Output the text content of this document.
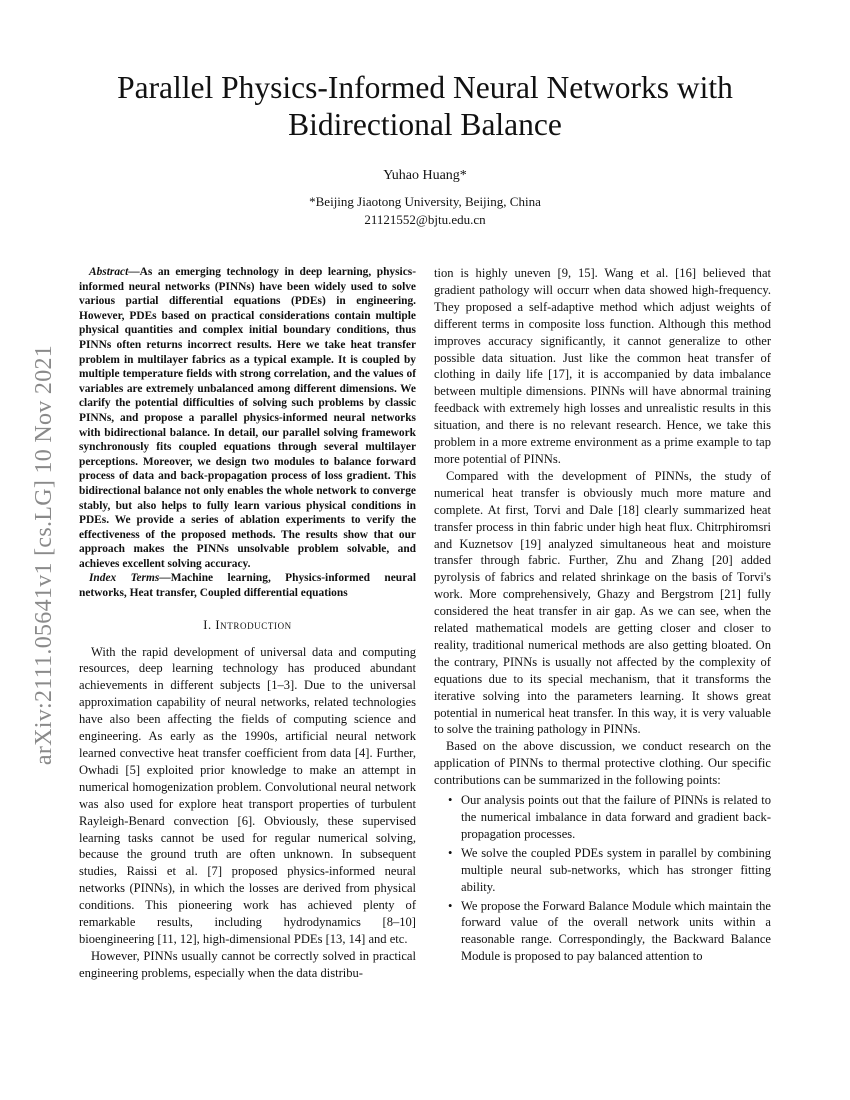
arXiv:2111.05641v1 [cs.LG] 10 Nov 2021
Parallel Physics-Informed Neural Networks with Bidirectional Balance
Yuhao Huang*
*Beijing Jiaotong University, Beijing, China
21121552@bjtu.edu.cn

Abstract—As an emerging technology in deep learning, physics-informed neural networks (PINNs) have been widely used to solve various partial differential equations (PDEs) in engineering. However, PDEs based on practical considerations contain multiple physical quantities and complex initial boundary conditions, thus PINNs often returns incorrect results. Here we take heat transfer problem in multilayer fabrics as a typical example. It is coupled by multiple temperature fields with strong correlation, and the values of variables are extremely unbalanced among different dimensions. We clarify the potential difficulties of solving such problems by classic PINNs, and propose a parallel physics-informed neural networks with bidirectional balance. In detail, our parallel solving framework synchronously fits coupled equations through several multilayer perceptions. Moreover, we design two modules to balance forward process of data and back-propagation process of loss gradient. This bidirectional balance not only enables the whole network to converge stably, but also helps to fully learn various physical conditions in PDEs. We provide a series of ablation experiments to verify the effectiveness of the proposed methods. The results show that our approach makes the PINNs unsolvable problem solvable, and achieves excellent solving accuracy.

Index Terms—Machine learning, Physics-informed neural networks, Heat transfer, Coupled differential equations

I. Introduction

With the rapid development of universal data and computing resources, deep learning technology has produced abundant achievements in different subjects [1–3]. Due to the universal approximation capability of neural networks, related technologies have also been affecting the fields of computing science and engineering. As early as the 1990s, artificial neural network learned convective heat transfer coefficient from data [4]. Further, Owhadi [5] exploited prior knowledge to make an attempt in numerical homogenization problem. Convolutional neural network was also used for explore heat transport properties of turbulent Rayleigh-Benard convection [6]. Obviously, these supervised learning tasks cannot be used for regular numerical solving, because the ground truth are often unknown. In subsequent studies, Raissi et al. [7] proposed physics-informed neural networks (PINNs), in which the losses are derived from physical conditions. This pioneering work has achieved plenty of remarkable results, including hydrodynamics [8–10] bioengineering [11, 12], high-dimensional PDEs [13, 14] and etc.

However, PINNs usually cannot be correctly solved in practical engineering problems, especially when the data distribu-

tion is highly uneven [9, 15]. Wang et al. [16] believed that gradient pathology will occurr when data showed high-frequency. They proposed a self-adaptive method which adjust weights of different terms in composite loss function. Although this method improves accuracy significantly, it cannot generalize to other possible data situation. Just like the common heat transfer of clothing in daily life [17], it is accompanied by data imbalance between multiple dimensions. PINNs will have abnormal training feedback with extremely high losses and unrealistic results in this situation, and there is no relevant research. Hence, we take this problem in a more extreme environment as a prime example to tap more potential of PINNs.

Compared with the development of PINNs, the study of numerical heat transfer is obviously much more mature and complete. At first, Torvi and Dale [18] clearly summarized heat transfer process in thin fabric under high heat flux. Chitrphiromsri and Kuznetsov [19] analyzed simultaneous heat and moisture transfer through fabric. Further, Zhu and Zhang [20] added pyrolysis of fabrics and related shrinkage on the basis of Torvi's work. More comprehensively, Ghazy and Bergstrom [21] fully considered the heat transfer in air gap. As we can see, when the related mathematical models are getting closer and closer to reality, traditional numerical methods are also getting bloated. On the contrary, PINNs is usually not affected by the complexity of equations due to its special mechanism, that it transforms the iterative solving into the parameters learning. It shows great potential in numerical heat transfer. In this way, it is very valuable to solve the training pathology in PINNs.

Based on the above discussion, we conduct research on the application of PINNs to thermal protective clothing. Our specific contributions can be summarized in the following points:

• Our analysis points out that the failure of PINNs is related to the numerical imbalance in data forward and gradient back-propagation processes.
• We solve the coupled PDEs system in parallel by combining multiple neural sub-networks, which has stronger fitting ability.
• We propose the Forward Balance Module which maintain the forward value of the overall network units within a reasonable range. Correspondingly, the Backward Balance Module is proposed to pay balanced attention to
